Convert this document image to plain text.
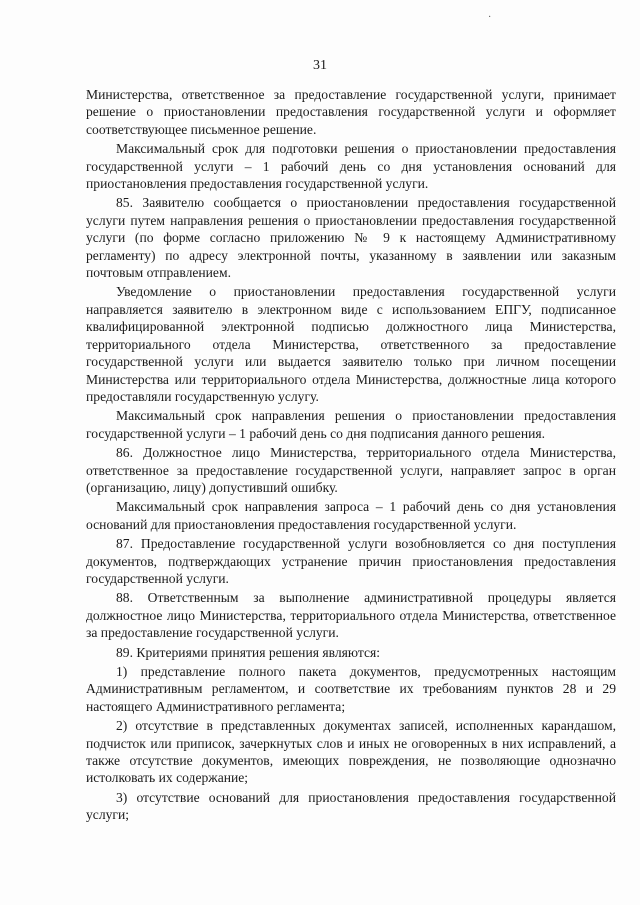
·
31

Министерства, ответственное за предоставление государственной услуги, принимает решение о приостановлении предоставления государственной услуги и оформляет соответствующее письменное решение.

Максимальный срок для подготовки решения о приостановлении предоставления государственной услуги – 1 рабочий день со дня установления оснований для приостановления предоставления государственной услуги.

85. Заявителю сообщается о приостановлении предоставления государственной услуги путем направления решения о приостановлении предоставления государственной услуги (по форме согласно приложению № 9 к настоящему Административному регламенту) по адресу электронной почты, указанному в заявлении или заказным почтовым отправлением.

Уведомление о приостановлении предоставления государственной услуги направляется заявителю в электронном виде с использованием ЕПГУ, подписанное квалифицированной электронной подписью должностного лица Министерства, территориального отдела Министерства, ответственного за предоставление государственной услуги или выдается заявителю только при личном посещении Министерства или территориального отдела Министерства, должностные лица которого предоставляли государственную услугу.

Максимальный срок направления решения о приостановлении предоставления государственной услуги – 1 рабочий день со дня подписания данного решения.

86. Должностное лицо Министерства, территориального отдела Министерства, ответственное за предоставление государственной услуги, направляет запрос в орган (организацию, лицу) допустивший ошибку.

Максимальный срок направления запроса – 1 рабочий день со дня установления оснований для приостановления предоставления государственной услуги.

87. Предоставление государственной услуги возобновляется со дня поступления документов, подтверждающих устранение причин приостановления предоставления государственной услуги.

88. Ответственным за выполнение административной процедуры является должностное лицо Министерства, территориального отдела Министерства, ответственное за предоставление государственной услуги.

89. Критериями принятия решения являются:

1) представление полного пакета документов, предусмотренных настоящим Административным регламентом, и соответствие их требованиям пунктов 28 и 29 настоящего Административного регламента;

2) отсутствие в представленных документах записей, исполненных карандашом, подчисток или приписок, зачеркнутых слов и иных не оговоренных в них исправлений, а также отсутствие документов, имеющих повреждения, не позволяющие однозначно истолковать их содержание;

3) отсутствие оснований для приостановления предоставления государственной услуги;
